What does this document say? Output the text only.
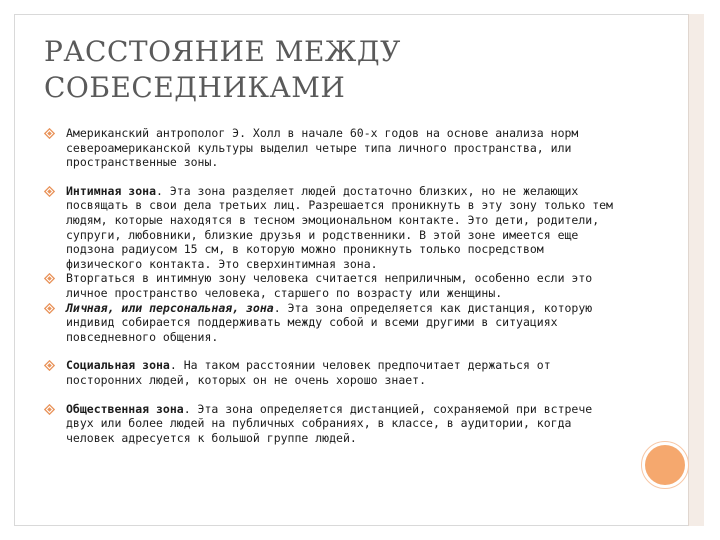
РАССТОЯНИЕ МЕЖДУ
СОБЕСЕДНИКАМИ
Американский антрополог Э. Холл в начале 60-х годов на основе анализа норм североамериканской культуры выделил четыре типа личного пространства, или пространственные зоны.
Интимная зона. Эта зона разделяет людей достаточно близких, но не желающих посвящать в свои дела третьих лиц. Разрешается проникнуть в эту зону только тем людям, которые находятся в тесном эмоциональном контакте. Это дети, родители, супруги, любовники, близкие друзья и родственники. В этой зоне имеется еще подзона радиусом 15 см, в которую можно проникнуть только посредством физического контакта. Это сверхинтимная зона.
Вторгаться в интимную зону человека считается неприличным, особенно если это личное пространство человека, старшего по возрасту или женщины.
Личная, или персональная, зона. Эта зона определяется как дистанция, которую индивид собирается поддерживать между собой и всеми другими в ситуациях повседневного общения.
Социальная зона. На таком расстоянии человек предпочитает держаться от посторонних людей, которых он не очень хорошо знает.
Общественная зона. Эта зона определяется дистанцией, сохраняемой при встрече двух или более людей на публичных собраниях, в классе, в аудитории, когда человек адресуется к большой группе людей.
